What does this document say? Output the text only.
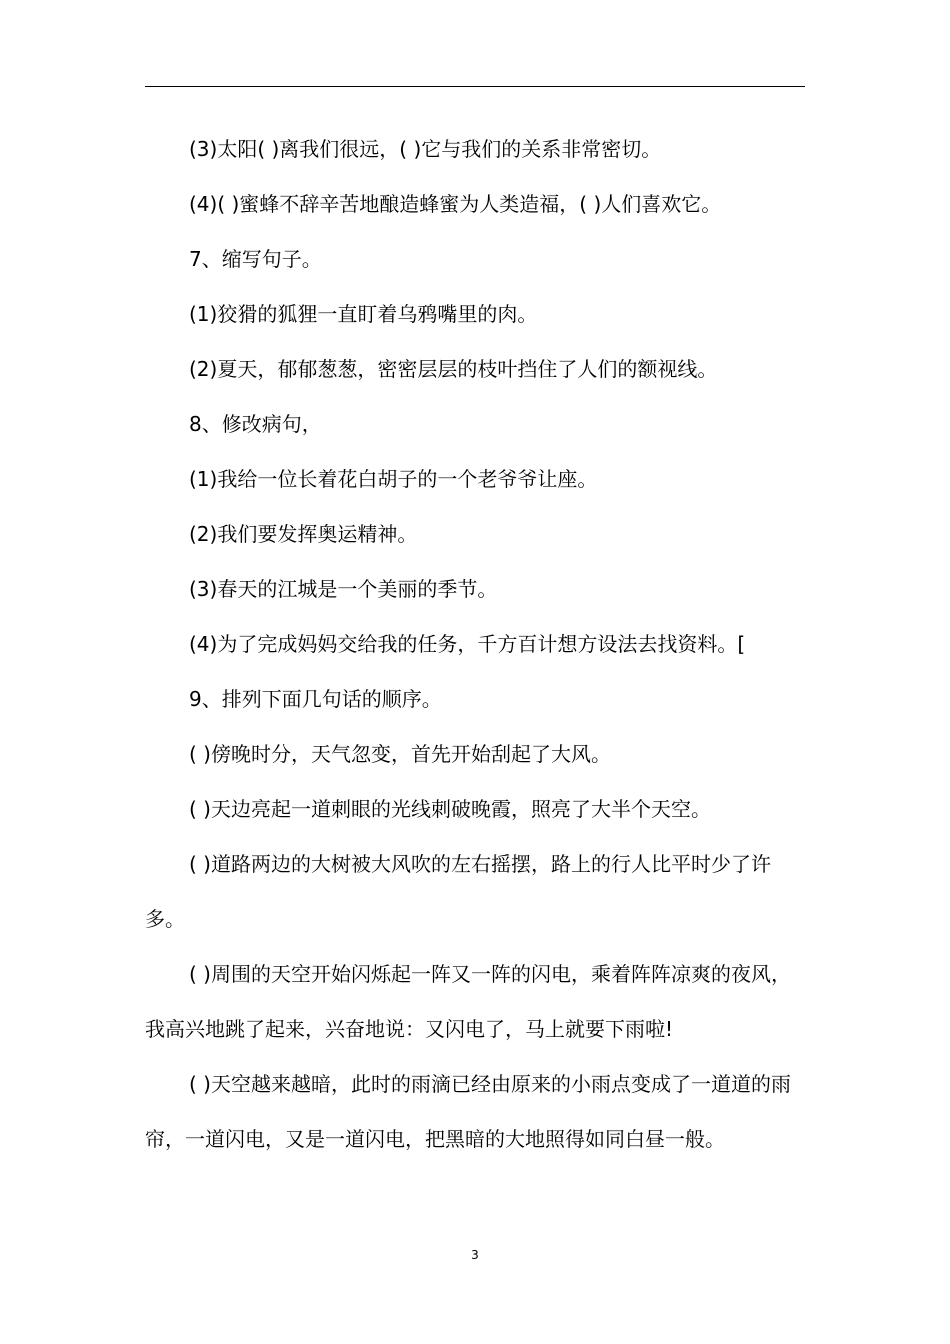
(3)太阳( )离我们很远，( )它与我们的关系非常密切。

(4)( )蜜蜂不辞辛苦地酿造蜂蜜为人类造福，( )人们喜欢它。

7、缩写句子。

(1)狡猾的狐狸一直盯着乌鸦嘴里的肉。

(2)夏天，郁郁葱葱，密密层层的枝叶挡住了人们的额视线。

8、修改病句，

(1)我给一位长着花白胡子的一个老爷爷让座。

(2)我们要发挥奥运精神。

(3)春天的江城是一个美丽的季节。

(4)为了完成妈妈交给我的任务，千方百计想方设法去找资料。[

9、排列下面几句话的顺序。

( )傍晚时分，天气忽变，首先开始刮起了大风。

( )天边亮起一道刺眼的光线刺破晚霞，照亮了大半个天空。

( )道路两边的大树被大风吹的左右摇摆，路上的行人比平时少了许多。

( )周围的天空开始闪烁起一阵又一阵的闪电，乘着阵阵凉爽的夜风，我高兴地跳了起来，兴奋地说：又闪电了，马上就要下雨啦!

( )天空越来越暗，此时的雨滴已经由原来的小雨点变成了一道道的雨帘，一道闪电，又是一道闪电，把黑暗的大地照得如同白昼一般。

3
